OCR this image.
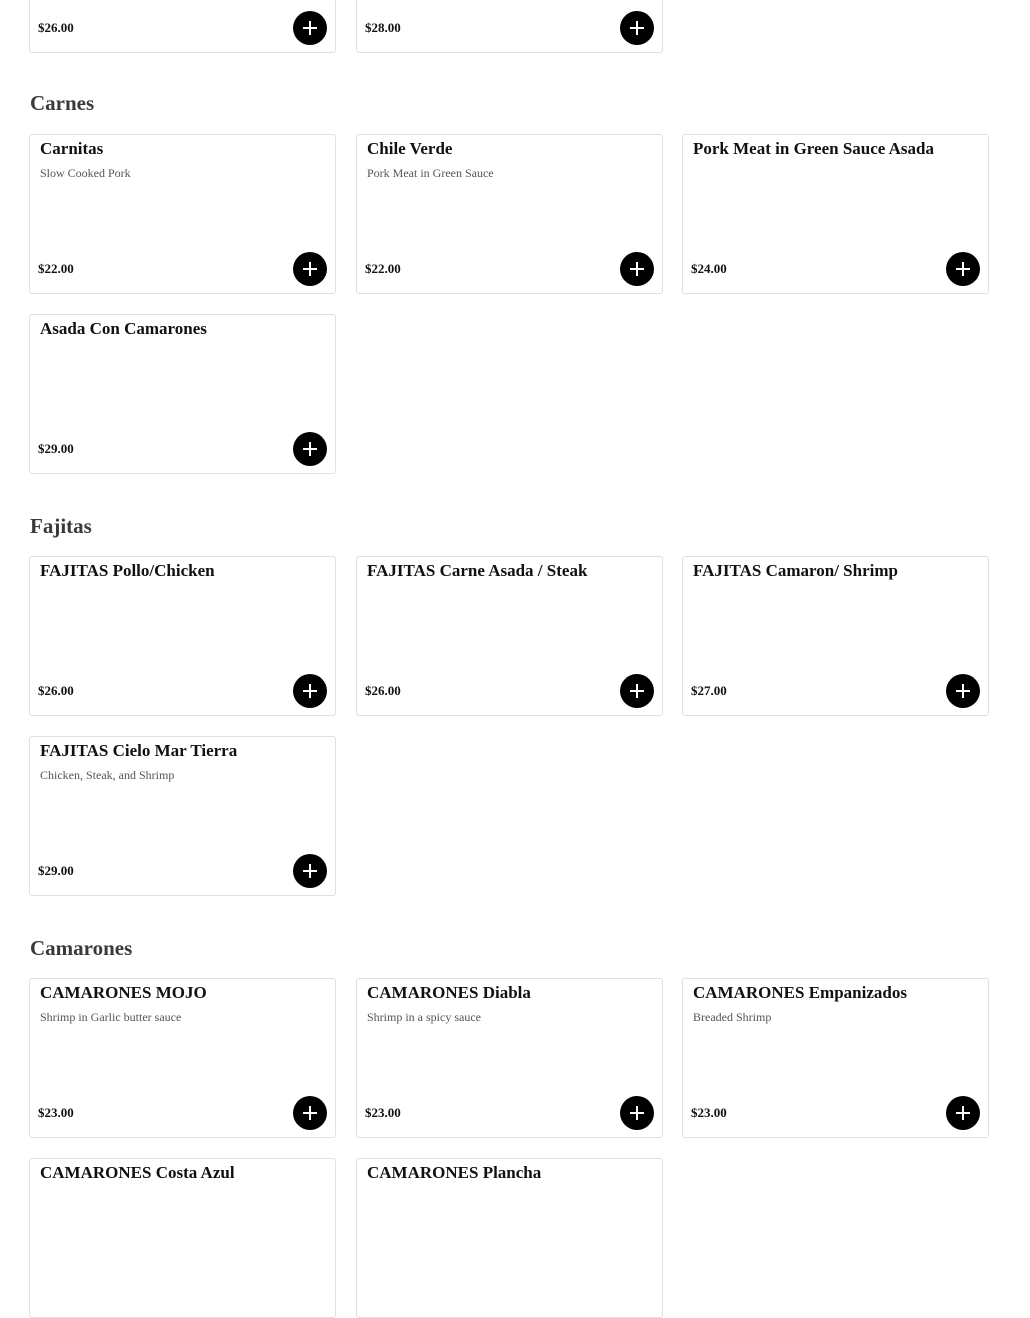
$26.00	$28.00
Carnes
Carnitas
Slow Cooked Pork
$22.00
Chile Verde
Pork Meat in Green Sauce
$22.00
Pork Meat in Green Sauce Asada
$24.00
Asada Con Camarones
$29.00
Fajitas
FAJITAS Pollo/Chicken
$26.00
FAJITAS Carne Asada / Steak
$26.00
FAJITAS Camaron/ Shrimp
$27.00
FAJITAS Cielo Mar Tierra
Chicken, Steak, and Shrimp
$29.00
Camarones
CAMARONES MOJO
Shrimp in Garlic butter sauce
$23.00
CAMARONES Diabla
Shrimp in a spicy sauce
$23.00
CAMARONES Empanizados
Breaded Shrimp
$23.00
CAMARONES Costa Azul	CAMARONES Plancha
